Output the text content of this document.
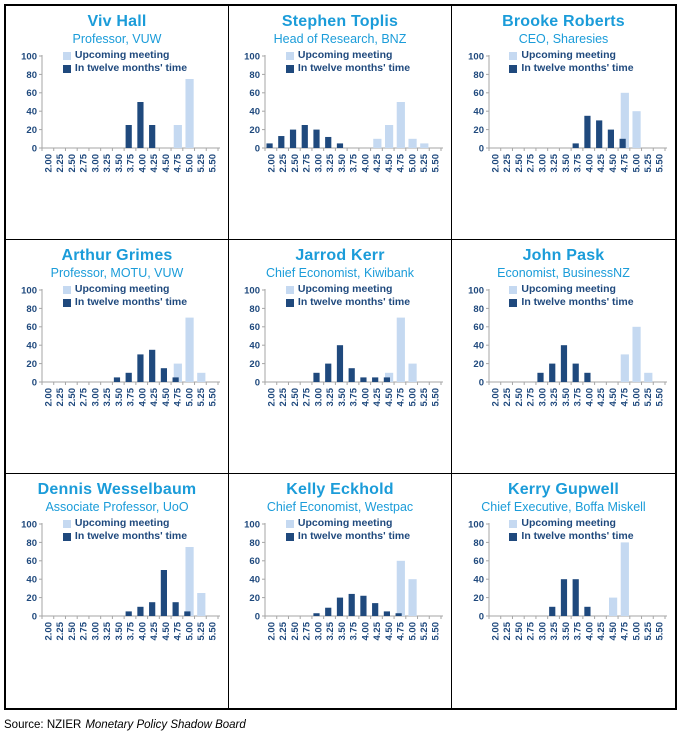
Viv Hall
Professor, VUW
Upcoming meeting
In twelve months' time
0
20
40
60
80
100
2.00 2.25 2.50 2.75 3.00 3.25 3.50 3.75 4.00 4.25 4.50 4.75 5.00 5.25 5.50
Stephen Toplis
Head of Research, BNZ
Upcoming meeting
In twelve months' time
0
20
40
60
80
100
2.00 2.25 2.50 2.75 3.00 3.25 3.50 3.75 4.00 4.25 4.50 4.75 5.00 5.25 5.50
Brooke Roberts
CEO, Sharesies
Upcoming meeting
In twelve months' time
0
20
40
60
80
100
2.00 2.25 2.50 2.75 3.00 3.25 3.50 3.75 4.00 4.25 4.50 4.75 5.00 5.25 5.50
Arthur Grimes
Professor, MOTU, VUW
Upcoming meeting
In twelve months' time
0
20
40
60
80
100
2.00 2.25 2.50 2.75 3.00 3.25 3.50 3.75 4.00 4.25 4.50 4.75 5.00 5.25 5.50
Jarrod Kerr
Chief Economist, Kiwibank
Upcoming meeting
In twelve months' time
0
20
40
60
80
100
2.00 2.25 2.50 2.75 3.00 3.25 3.50 3.75 4.00 4.25 4.50 4.75 5.00 5.25 5.50
John Pask
Economist, BusinessNZ
Upcoming meeting
In twelve months' time
0
20
40
60
80
100
2.00 2.25 2.50 2.75 3.00 3.25 3.50 3.75 4.00 4.25 4.50 4.75 5.00 5.25 5.50
Dennis Wesselbaum
Associate Professor, UoO
Upcoming meeting
In twelve months' time
0
20
40
60
80
100
2.00 2.25 2.50 2.75 3.00 3.25 3.50 3.75 4.00 4.25 4.50 4.75 5.00 5.25 5.50
Kelly Eckhold
Chief Economist, Westpac
Upcoming meeting
In twelve months' time
0
20
40
60
80
100
2.00 2.25 2.50 2.75 3.00 3.25 3.50 3.75 4.00 4.25 4.50 4.75 5.00 5.25 5.50
Kerry Gupwell
Chief Executive, Boffa Miskell
Upcoming meeting
In twelve months' time
0
20
40
60
80
100
2.00 2.25 2.50 2.75 3.00 3.25 3.50 3.75 4.00 4.25 4.50 4.75 5.00 5.25 5.50
Source: NZIER Monetary Policy Shadow Board
